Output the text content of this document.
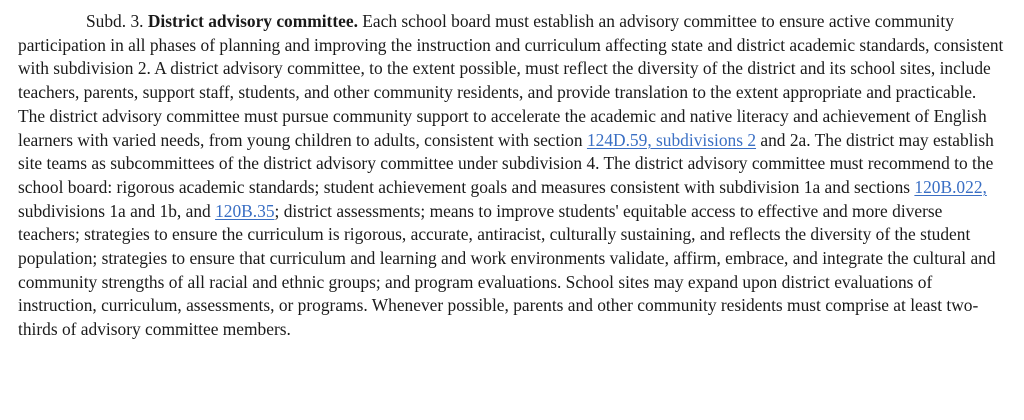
Subd. 3. District advisory committee. Each school board must establish an advisory committee to ensure active community participation in all phases of planning and improving the instruction and curriculum affecting state and district academic standards, consistent with subdivision 2. A district advisory committee, to the extent possible, must reflect the diversity of the district and its school sites, include teachers, parents, support staff, students, and other community residents, and provide translation to the extent appropriate and practicable. The district advisory committee must pursue community support to accelerate the academic and native literacy and achievement of English learners with varied needs, from young children to adults, consistent with section 124D.59, subdivisions 2 and 2a. The district may establish site teams as subcommittees of the district advisory committee under subdivision 4. The district advisory committee must recommend to the school board: rigorous academic standards; student achievement goals and measures consistent with subdivision 1a and sections 120B.022, subdivisions 1a and 1b, and 120B.35; district assessments; means to improve students' equitable access to effective and more diverse teachers; strategies to ensure the curriculum is rigorous, accurate, antiracist, culturally sustaining, and reflects the diversity of the student population; strategies to ensure that curriculum and learning and work environments validate, affirm, embrace, and integrate the cultural and community strengths of all racial and ethnic groups; and program evaluations. School sites may expand upon district evaluations of instruction, curriculum, assessments, or programs. Whenever possible, parents and other community residents must comprise at least two-thirds of advisory committee members.
